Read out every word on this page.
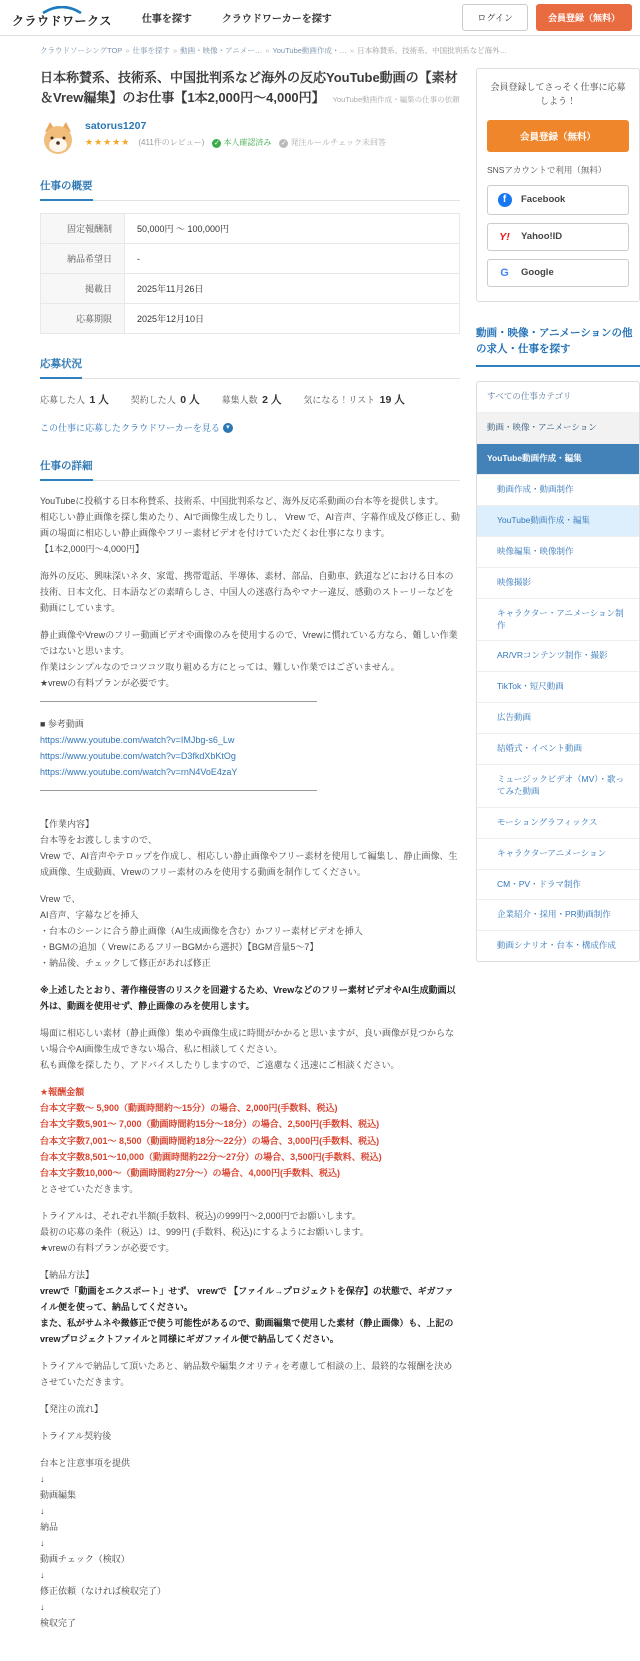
クラウドワークス	仕事を探す	クラウドワーカーを探す	ログイン	会員登録（無料）
クラウドソーシングTOP » 仕事を探す » 動画・映像・アニメー… » YouTube動画作成・… » 日本称賛系、技術系、中国批判系など海外…
日本称賛系、技術系、中国批判系など海外の反応YouTube動画の【素材＆Vrew編集】のお仕事【1本2,000円～4,000円】 YouTube動画作成・編集の仕事の依頼
satorus1207
★★★★★ (411件のレビュー) ✓ 本人確認済み ✓ 発注ルールチェック未回答
仕事の概要
固定報酬制	50,000円 ～ 100,000円
納品希望日	-
掲載日	2025年11月26日
応募期限	2025年12月10日
応募状況
応募した人 1 人 契約した人 0 人 募集人数 2 人 気になる！リスト 19 人
この仕事に応募したクラウドワーカーを見る ▾
仕事の詳細
YouTubeに投稿する日本称賛系、技術系、中国批判系など、海外反応系動画の台本等を提供します。
相応しい静止画像を探し集めたり、AIで画像生成したりし、 Vrew で、AI音声、字幕作成及び修正し、動画の場面に相応しい静止画像やフリー素材ビデオを付けていただくお仕事になります。
【1本2,000円～4,000円】
海外の反応、興味深いネタ、家電、携帯電話、半導体、素材、部品、自動車、鉄道などにおける日本の技術、日本文化、日本語などの素晴らしさ、中国人の迷惑行為やマナー違反、感動のストーリーなどを動画にしています。
静止画像やVrewのフリー動画ビデオや画像のみを使用するので、Vrewに慣れている方なら、難しい作業ではないと思います。
作業はシンプルなのでコツコツ取り組める方にとっては、難しい作業ではございません。
★vrewの有料プランが必要です。
■ 参考動画
https://www.youtube.com/watch?v=IMJbg-s6_Lw
https://www.youtube.com/watch?v=D3fkdXbKtOg
https://www.youtube.com/watch?v=rnN4VoE4zaY
【作業内容】
台本等をお渡ししますので、
Vrew で、AI音声やテロップを作成し、相応しい静止画像やフリー素材を使用して編集し、静止画像、生成画像、生成動画、Vrewのフリー素材のみを使用する動画を制作してください。
Vrew で、
AI音声、字幕などを挿入
・台本のシーンに合う静止画像（AI生成画像を含む）かフリー素材ビデオを挿入
・BGMの追加（ VrewにあるフリーBGMから選択）【BGM音量5～7】
・納品後、チェックして修正があれば修正
※上述したとおり、著作権侵害のリスクを回避するため、Vrewなどのフリー素材ビデオやAI生成動画以外は、動画を使用せず、静止画像のみを使用します。
場面に相応しい素材（静止画像）集めや画像生成に時間がかかると思いますが、良い画像が見つからない場合やAI画像生成できない場合、私に相談してください。
私も画像を探したり、アドバイスしたりしますので、ご遠慮なく迅速にご相談ください。
★報酬金額
台本文字数～ 5,900（動画時間約～15分）の場合、2,000円(手数料、税込)
台本文字数5,901～ 7,000（動画時間約15分～18分）の場合、2,500円(手数料、税込)
台本文字数7,001～ 8,500（動画時間約18分～22分）の場合、3,000円(手数料、税込)
台本文字数8,501～10,000（動画時間約22分～27分）の場合、3,500円(手数料、税込)
台本文字数10,000～（動画時間約27分～）の場合、4,000円(手数料、税込)
とさせていただきます。
トライアルは、それぞれ半額(手数料、税込)の999円～2,000円でお願いします。
最初の応募の条件（税込）は、999円 (手数料、税込)にするようにお願いします。
★vrewの有料プランが必要です。
【納品方法】
vrewで「動画をエクスポート」せず、 vrewで 【ファイル→プロジェクトを保存】の状態で、ギガファイル便を使って、納品してください。
また、私がサムネや微修正で使う可能性があるので、動画編集で使用した素材（静止画像）も、上記のvrewプロジェクトファイルと同様にギガファイル便で納品してください。
トライアルで納品して頂いたあと、納品数や編集クオリティを考慮して相談の上、最終的な報酬を決めさせていただきます。
【発注の流れ】
トライアル契約後
台本と注意事項を提供
↓
動画編集
↓
納品
↓
動画チェック（検収）
↓
修正依頼（なければ検収完了）
↓
検収完了
会員登録してさっそく仕事に応募しよう！
会員登録（無料）
SNSアカウントで利用（無料）
f	Facebook
Y! Yahoo!ID
G	Google
動画・映像・アニメーションの他の求人・仕事を探す
すべての仕事カテゴリ
動画・映像・アニメーション
YouTube動画作成・編集
動画作成・動画制作
YouTube動画作成・編集
映像編集・映像制作
映像撮影
キャラクター・アニメーション制作
AR/VRコンテンツ制作・撮影
TikTok・短尺動画
広告動画
結婚式・イベント動画
ミュージックビデオ（MV）・歌ってみた動画
モーショングラフィックス
キャラクターアニメーション
CM・PV・ドラマ制作
企業紹介・採用・PR動画制作
動画シナリオ・台本・構成作成
